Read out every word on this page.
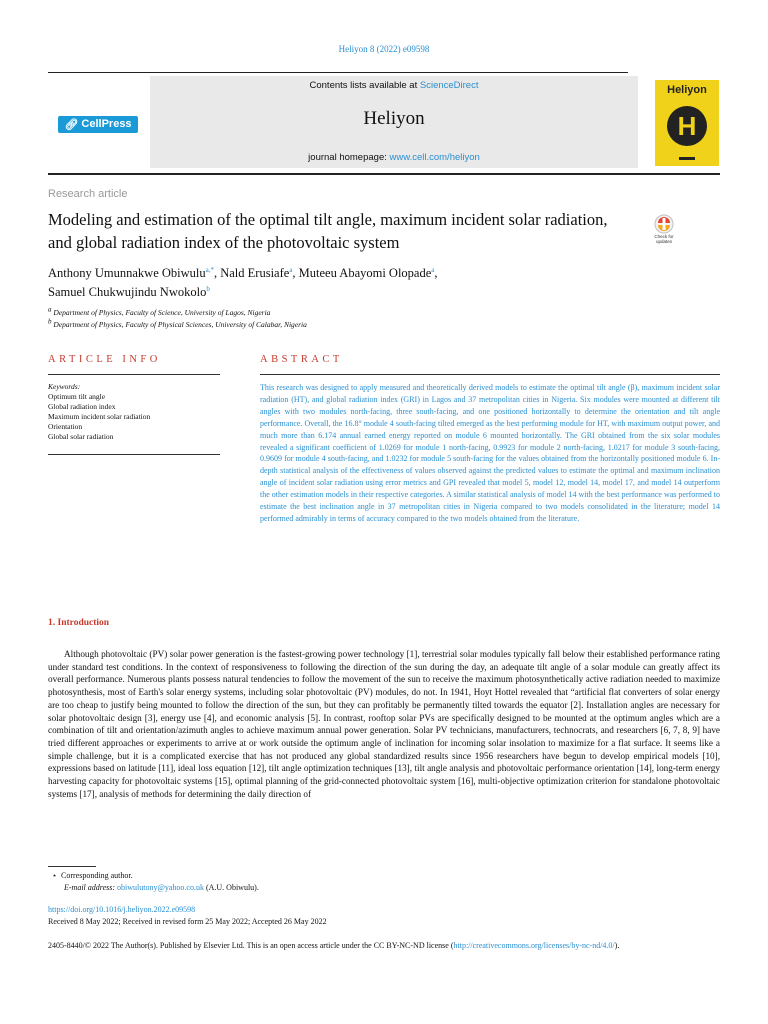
Heliyon 8 (2022) e09598
🔗︎ CellPress
Contents lists available at ScienceDirect
Heliyon
journal homepage: www.cell.com/heliyon
Heliyon
H
Research article
Modeling and estimation of the optimal tilt angle, maximum incident solar radiation, and global radiation index of the photovoltaic system	Check for
updates
Anthony Umunnakwe Obiwulu$^{a,*}$, Nald Erusiafe$^a$, Muteeu Abayomi Olopade$^a$,
Samuel Chukwujindu Nwokolo$^b$
$^a$ Department of Physics, Faculty of Science, University of Lagos, Nigeria
$^b$ Department of Physics, Faculty of Physical Sciences, University of Calabar, Nigeria
ARTICLE INFO	ABSTRACT
Keywords:
Optimum tilt angle
Global radiation index
Maximum incident solar radiation
Orientation
Global solar radiation
This research was designed to apply measured and theoretically derived models to estimate the optimal tilt angle (β), maximum incident solar radiation (HT), and global radiation index (GRI) in Lagos and 37 metropolitan cities in Nigeria. Six modules were mounted at different tilt angles with two modules north-facing, three south-facing, and one positioned horizontally to determine the orientation and tilt angle performance. Overall, the 16.8° module 4 south-facing tilted emerged as the best performing module for HT, with maximum output power, and much more than 6.174 annual earned energy reported on module 6 mounted horizontally. The GRI obtained from the six solar modules revealed a significant coefficient of 1.0269 for module 1 north-facing, 0.9923 for module 2 north-facing, 1.0217 for module 3 south-facing, 0.9609 for module 4 south-facing, and 1.0232 for module 5 south-facing for the values obtained from the horizontally positioned module 6. In-depth statistical analysis of the effectiveness of values observed against the predicted values to estimate the optimal and maximum inclination angle of incident solar radiation using error metrics and GPI revealed that model 5, model 12, model 14, model 17, and model 14 outperform the other estimation models in their respective categories. A similar statistical analysis of model 14 with the best performance was performed to estimate the best inclination angle in 37 metropolitan cities in Nigeria compared to two models consolidated in the literature; model 14 performed admirably in terms of accuracy compared to the two models obtained from the literature.
1. Introduction
Although photovoltaic (PV) solar power generation is the fastest-growing power technology [1], terrestrial solar modules typically fall below their established performance rating under standard test conditions. In the context of responsiveness to following the direction of the sun during the day, an adequate tilt angle of a solar module can greatly affect its overall performance. Numerous plants possess natural tendencies to follow the movement of the sun to receive the maximum photosynthetically active radiation needed to maximize photosynthesis, most of Earth's solar energy systems, including solar photovoltaic (PV) modules, do not. In 1941, Hoyt Hottel revealed that “artificial flat converters of solar energy are too cheap to justify being mounted to follow the direction of the sun, but they can profitably be permanently tilted towards the equator [2]. Installation angles are necessary for solar photovoltaic design [3], energy use [4], and economic analysis [5]. In contrast, rooftop solar PVs are specifically designed to be mounted at the optimum angles which are a combination of tilt and orientation/azimuth angles to achieve maximum annual power generation. Solar PV technicians, manufacturers, technocrats, and researchers [6, 7, 8, 9] have tried different approaches or experiments to arrive at or work outside the optimum angle of inclination for incoming solar insolation to maximize for a flat surface. It seems like a simple challenge, but it is a complicated exercise that has not produced any global standardized results since 1956 researchers have begun to develop empirical models [10], expressions based on latitude [11], ideal loss equation [12], tilt angle optimization techniques [13], tilt angle analysis and photovoltaic performance orientation [14], long-term energy harvesting capacity for photovoltaic systems [15], optimal planning of the grid-connected photovoltaic system [16], multi-objective optimization criterion for standalone photovoltaic systems [17], analysis of methods for determining the daily direction of
⋆ Corresponding author.
E-mail address: obiwulutony@yahoo.co.uk (A.U. Obiwulu).
https://doi.org/10.1016/j.heliyon.2022.e09598
Received 8 May 2022; Received in revised form 25 May 2022; Accepted 26 May 2022
2405-8440/© 2022 The Author(s). Published by Elsevier Ltd. This is an open access article under the CC BY-NC-ND license (http://creativecommons.org/licenses/by-nc-nd/4.0/).
